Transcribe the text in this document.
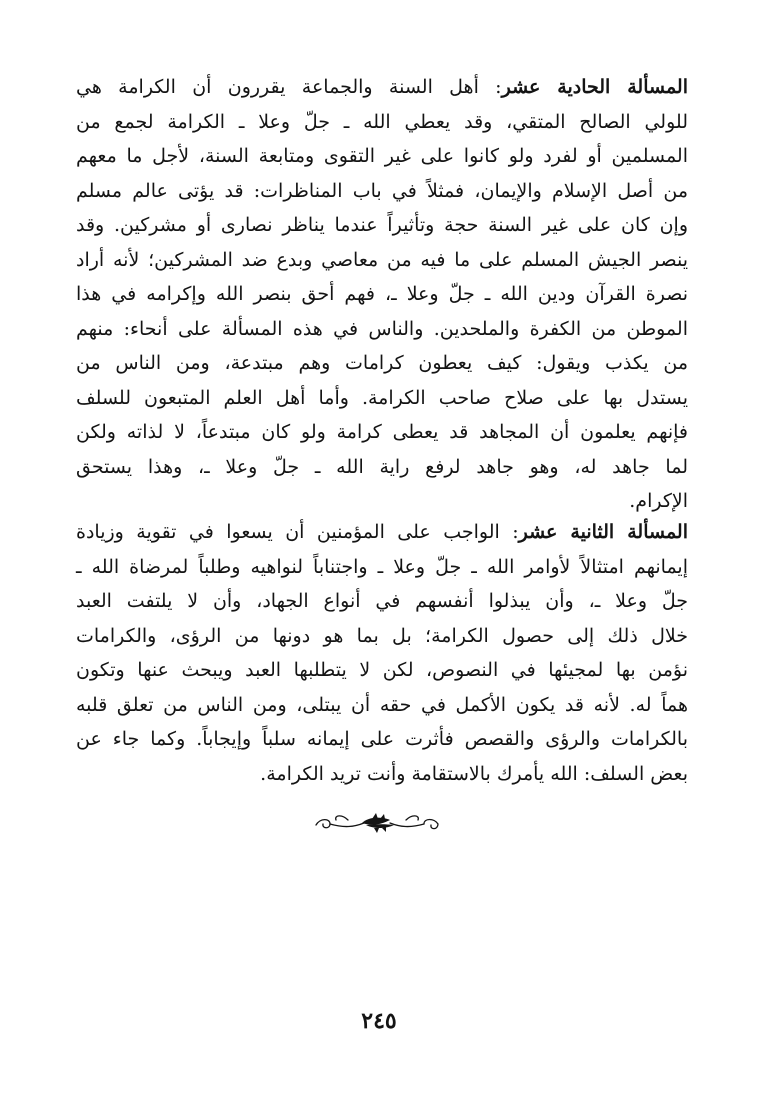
المسألة الحادية عشر: أهل السنة والجماعة يقررون أن الكرامة هي
للولي الصالح المتقي، وقد يعطي الله ـ جلّ وعلا ـ الكرامة لجمع من
المسلمين أو لفرد ولو كانوا على غير التقوى ومتابعة السنة، لأجل ما معهم
من أصل الإسلام والإيمان، فمثلاً في باب المناظرات: قد يؤتى عالم مسلم
وإن كان على غير السنة حجة وتأثيراً عندما يناظر نصارى أو مشركين. وقد
ينصر الجيش المسلم على ما فيه من معاصي وبدع ضد المشركين؛ لأنه أراد
نصرة القرآن ودين الله ـ جلّ وعلا ـ، فهم أحق بنصر الله وإكرامه في هذا
الموطن من الكفرة والملحدين. والناس في هذه المسألة على أنحاء: منهم
من يكذب ويقول: كيف يعطون كرامات وهم مبتدعة، ومن الناس من
يستدل بها على صلاح صاحب الكرامة. وأما أهل العلم المتبعون للسلف
فإنهم يعلمون أن المجاهد قد يعطى كرامة ولو كان مبتدعاً، لا لذاته ولكن
لما جاهد له، وهو جاهد لرفع راية الله ـ جلّ وعلا ـ، وهذا يستحق
الإكرام.
المسألة الثانية عشر: الواجب على المؤمنين أن يسعوا في تقوية وزيادة
إيمانهم امتثالاً لأوامر الله ـ جلّ وعلا ـ واجتناباً لنواهيه وطلباً لمرضاة الله ـ
جلّ وعلا ـ، وأن يبذلوا أنفسهم في أنواع الجهاد، وأن لا يلتفت العبد
خلال ذلك إلى حصول الكرامة؛ بل بما هو دونها من الرؤى، والكرامات
نؤمن بها لمجيئها في النصوص، لكن لا يتطلبها العبد ويبحث عنها وتكون
هماً له. لأنه قد يكون الأكمل في حقه أن يبتلى، ومن الناس من تعلق قلبه
بالكرامات والرؤى والقصص فأثرت على إيمانه سلباً وإيجاباً. وكما جاء عن
بعض السلف: الله يأمرك بالاستقامة وأنت تريد الكرامة.
٢٤٥
